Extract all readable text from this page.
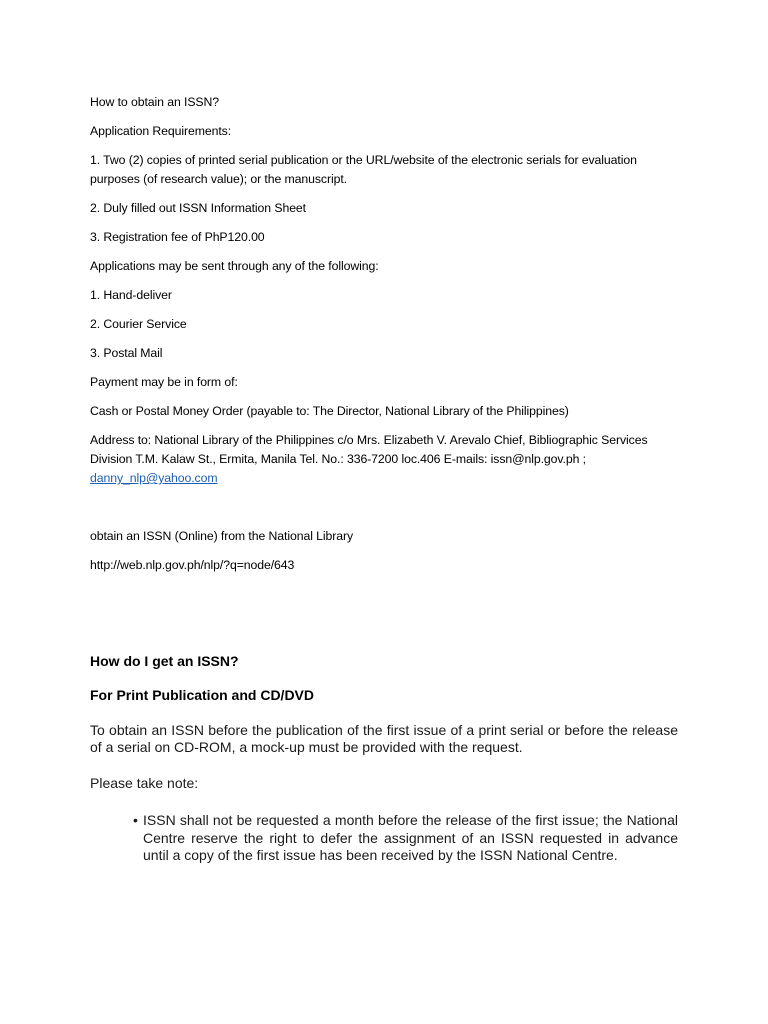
How to obtain an ISSN?

Application Requirements:

1. Two (2) copies of printed serial publication or the URL/website of the electronic serials for evaluation purposes (of research value); or the manuscript.

2. Duly filled out ISSN Information Sheet

3. Registration fee of PhP120.00

Applications may be sent through any of the following:

1. Hand-deliver

2. Courier Service

3. Postal Mail

Payment may be in form of:

Cash or Postal Money Order (payable to: The Director, National Library of the Philippines)

Address to: National Library of the Philippines c/o Mrs. Elizabeth V. Arevalo Chief, Bibliographic Services Division T.M. Kalaw St., Ermita, Manila Tel. No.: 336-7200 loc.406 E-mails: issn@nlp.gov.ph ;
danny_nlp@yahoo.com

obtain an ISSN (Online) from the National Library

http://web.nlp.gov.ph/nlp/?q=node/643

How do I get an ISSN?

For Print Publication and CD/DVD

To obtain an ISSN before the publication of the first issue of a print serial or before the release of a serial on CD-ROM, a mock-up must be provided with the request.

Please take note:

• ISSN shall not be requested a month before the release of the first issue; the National Centre reserve the right to defer the assignment of an ISSN requested in advance until a copy of the first issue has been received by the ISSN National Centre.
